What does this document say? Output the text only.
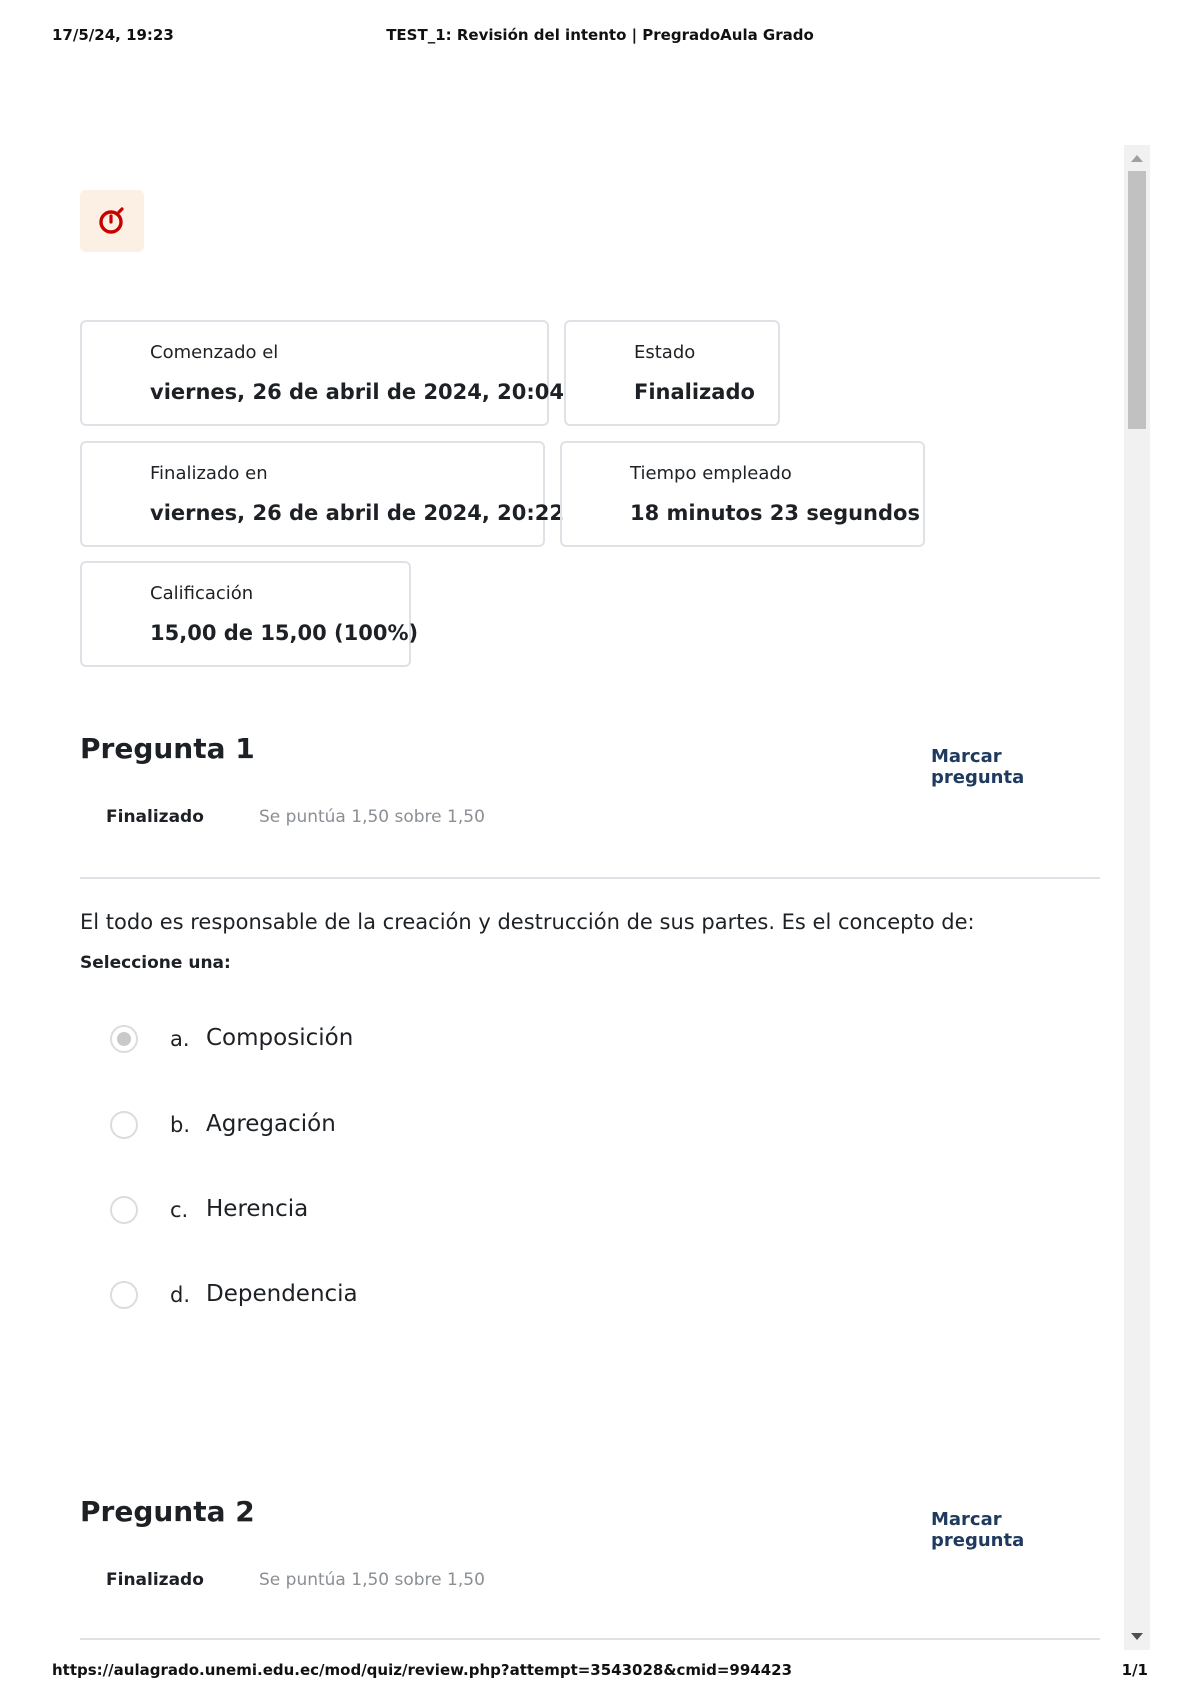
17/5/24, 19:23	TEST_1: Revisión del intento | PregradoAula Grado
Comenzado el
viernes, 26 de abril de 2024, 20:04
Estado
Finalizado
Finalizado en
viernes, 26 de abril de 2024, 20:22
Tiempo empleado
18 minutos 23 segundos
Calificación
15,00 de 15,00 (100%)
Pregunta 1	Marcar pregunta
Finalizado	Se puntúa 1,50 sobre 1,50
El todo es responsable de la creación y destrucción de sus partes. Es el concepto de:
Seleccione una:
a. Composición
b. Agregación
c. Herencia
d. Dependencia
Pregunta 2	Marcar pregunta
Finalizado	Se puntúa 1,50 sobre 1,50
https://aulagrado.unemi.edu.ec/mod/quiz/review.php?attempt=3543028&cmid=994423	1/1
